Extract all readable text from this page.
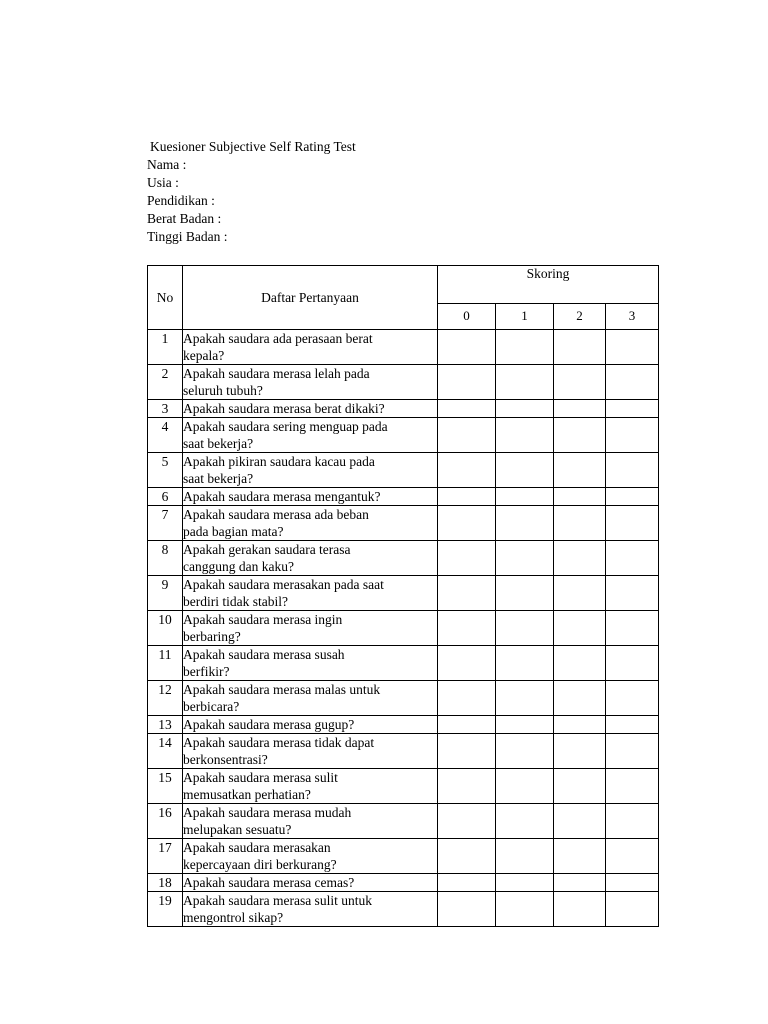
Kuesioner Subjective Self Rating Test
Nama :
Usia :
Pendidikan :
Berat Badan :
Tinggi Badan :
No	Daftar Pertanyaan	Skoring			
		0	1	2	3
1	Apakah saudara ada perasaan berat
kepala?				
2	Apakah saudara merasa lelah pada
seluruh tubuh?				
3	Apakah saudara merasa berat dikaki?				
4	Apakah saudara sering menguap pada
saat bekerja?				
5	Apakah pikiran saudara kacau pada
saat bekerja?				
6	Apakah saudara merasa mengantuk?				
7	Apakah saudara merasa ada beban
pada bagian mata?				
8	Apakah gerakan saudara terasa
canggung dan kaku?				
9	Apakah saudara merasakan pada saat
berdiri tidak stabil?				
10	Apakah saudara merasa ingin
berbaring?				
11	Apakah saudara merasa susah
berfikir?				
12	Apakah saudara merasa malas untuk
berbicara?				
13	Apakah saudara merasa gugup?				
14	Apakah saudara merasa tidak dapat
berkonsentrasi?				
15	Apakah saudara merasa sulit
memusatkan perhatian?				
16	Apakah saudara merasa mudah
melupakan sesuatu?				
17	Apakah saudara merasakan
kepercayaan diri berkurang?				
18	Apakah saudara merasa cemas?				
19	Apakah saudara merasa sulit untuk
mengontrol sikap?				
